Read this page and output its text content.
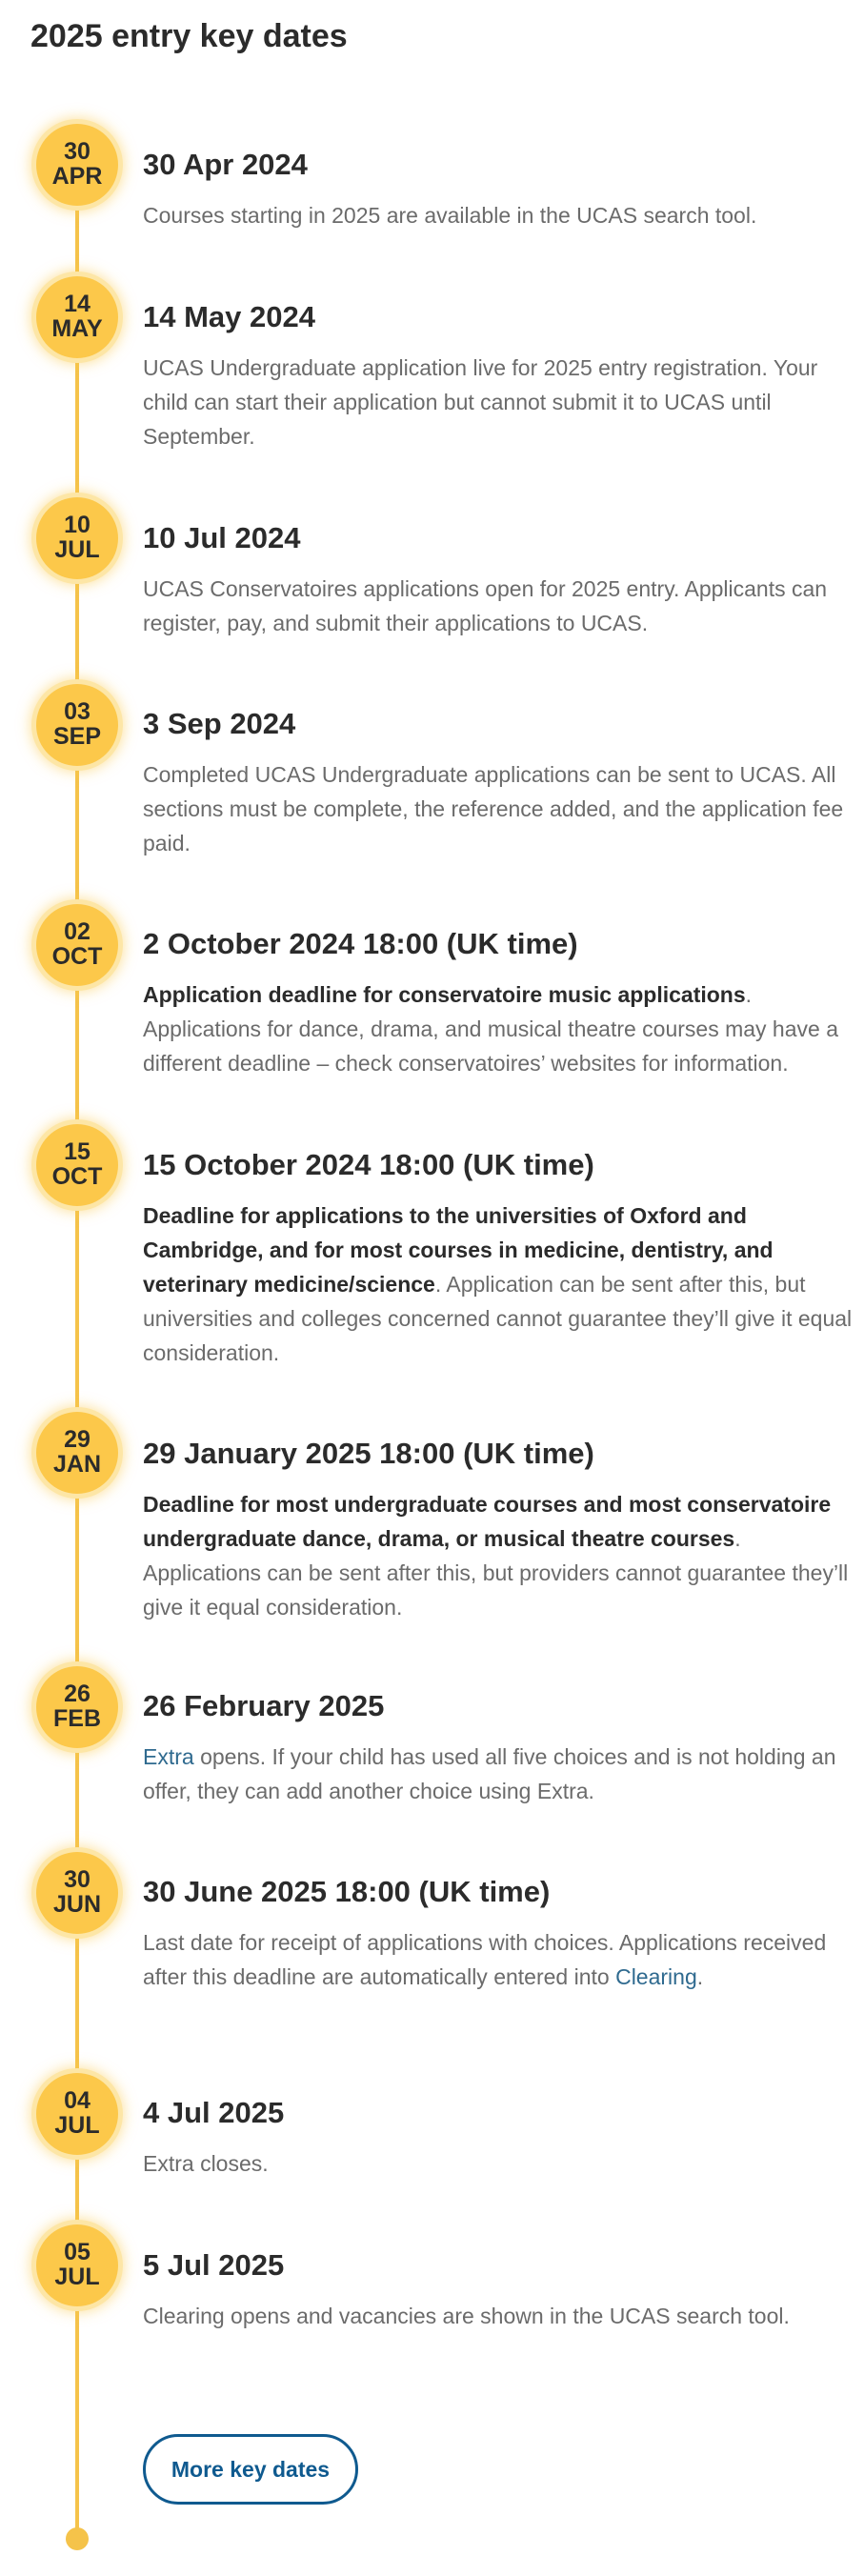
2025 entry key dates
30
APR 30 Apr 2024

Courses starting in 2025 are available in the UCAS search tool.

14
MAY 14 May 2024

UCAS Undergraduate application live for 2025 entry registration. Your child can start their application but cannot submit it to UCAS until September.

10
JUL 10 Jul 2024

UCAS Conservatoires applications open for 2025 entry. Applicants can register, pay, and submit their applications to UCAS.

03
SEP 3 Sep 2024

Completed UCAS Undergraduate applications can be sent to UCAS. All sections must be complete, the reference added, and the application fee paid.

02
OCT 2 October 2024 18:00 (UK time)

Application deadline for conservatoire music applications. Applications for dance, drama, and musical theatre courses may have a different deadline – check conservatoires’ websites for information.

15
OCT 15 October 2024 18:00 (UK time)

Deadline for applications to the universities of Oxford and Cambridge, and for most courses in medicine, dentistry, and veterinary medicine/science. Application can be sent after this, but universities and colleges concerned cannot guarantee they’ll give it equal consideration.

29
JAN 29 January 2025 18:00 (UK time)

Deadline for most undergraduate courses and most conservatoire undergraduate dance, drama, or musical theatre courses. Applications can be sent after this, but providers cannot guarantee they’ll give it equal consideration.

26
FEB 26 February 2025

Extra opens. If your child has used all five choices and is not holding an offer, they can add another choice using Extra.

30
JUN 30 June 2025 18:00 (UK time)

Last date for receipt of applications with choices. Applications received after this deadline are automatically entered into Clearing.

04
JUL 4 Jul 2025

Extra closes.

05
JUL 5 Jul 2025

Clearing opens and vacancies are shown in the UCAS search tool.

More key dates
